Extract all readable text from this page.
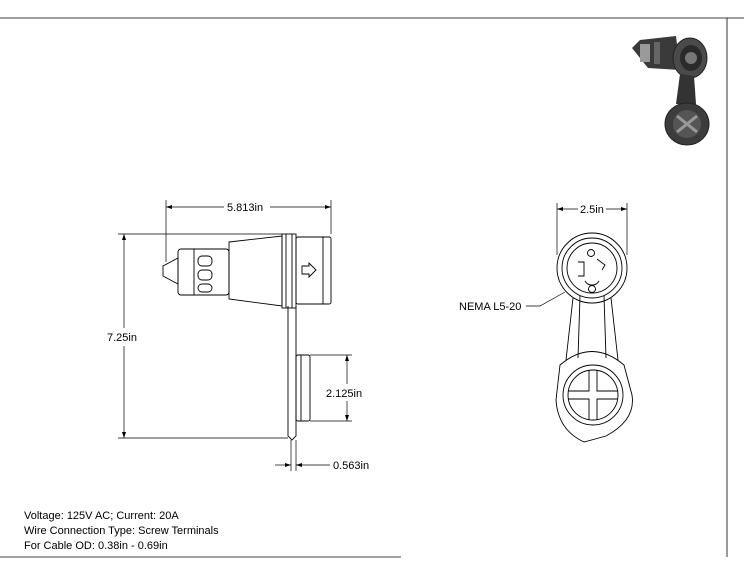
5.813in
7.25in
2.125in
0.563in
2.5in
NEMA L5-20
Voltage: 125V AC; Current: 20A
Wire Connection Type: Screw Terminals
For Cable OD: 0.38in - 0.69in
